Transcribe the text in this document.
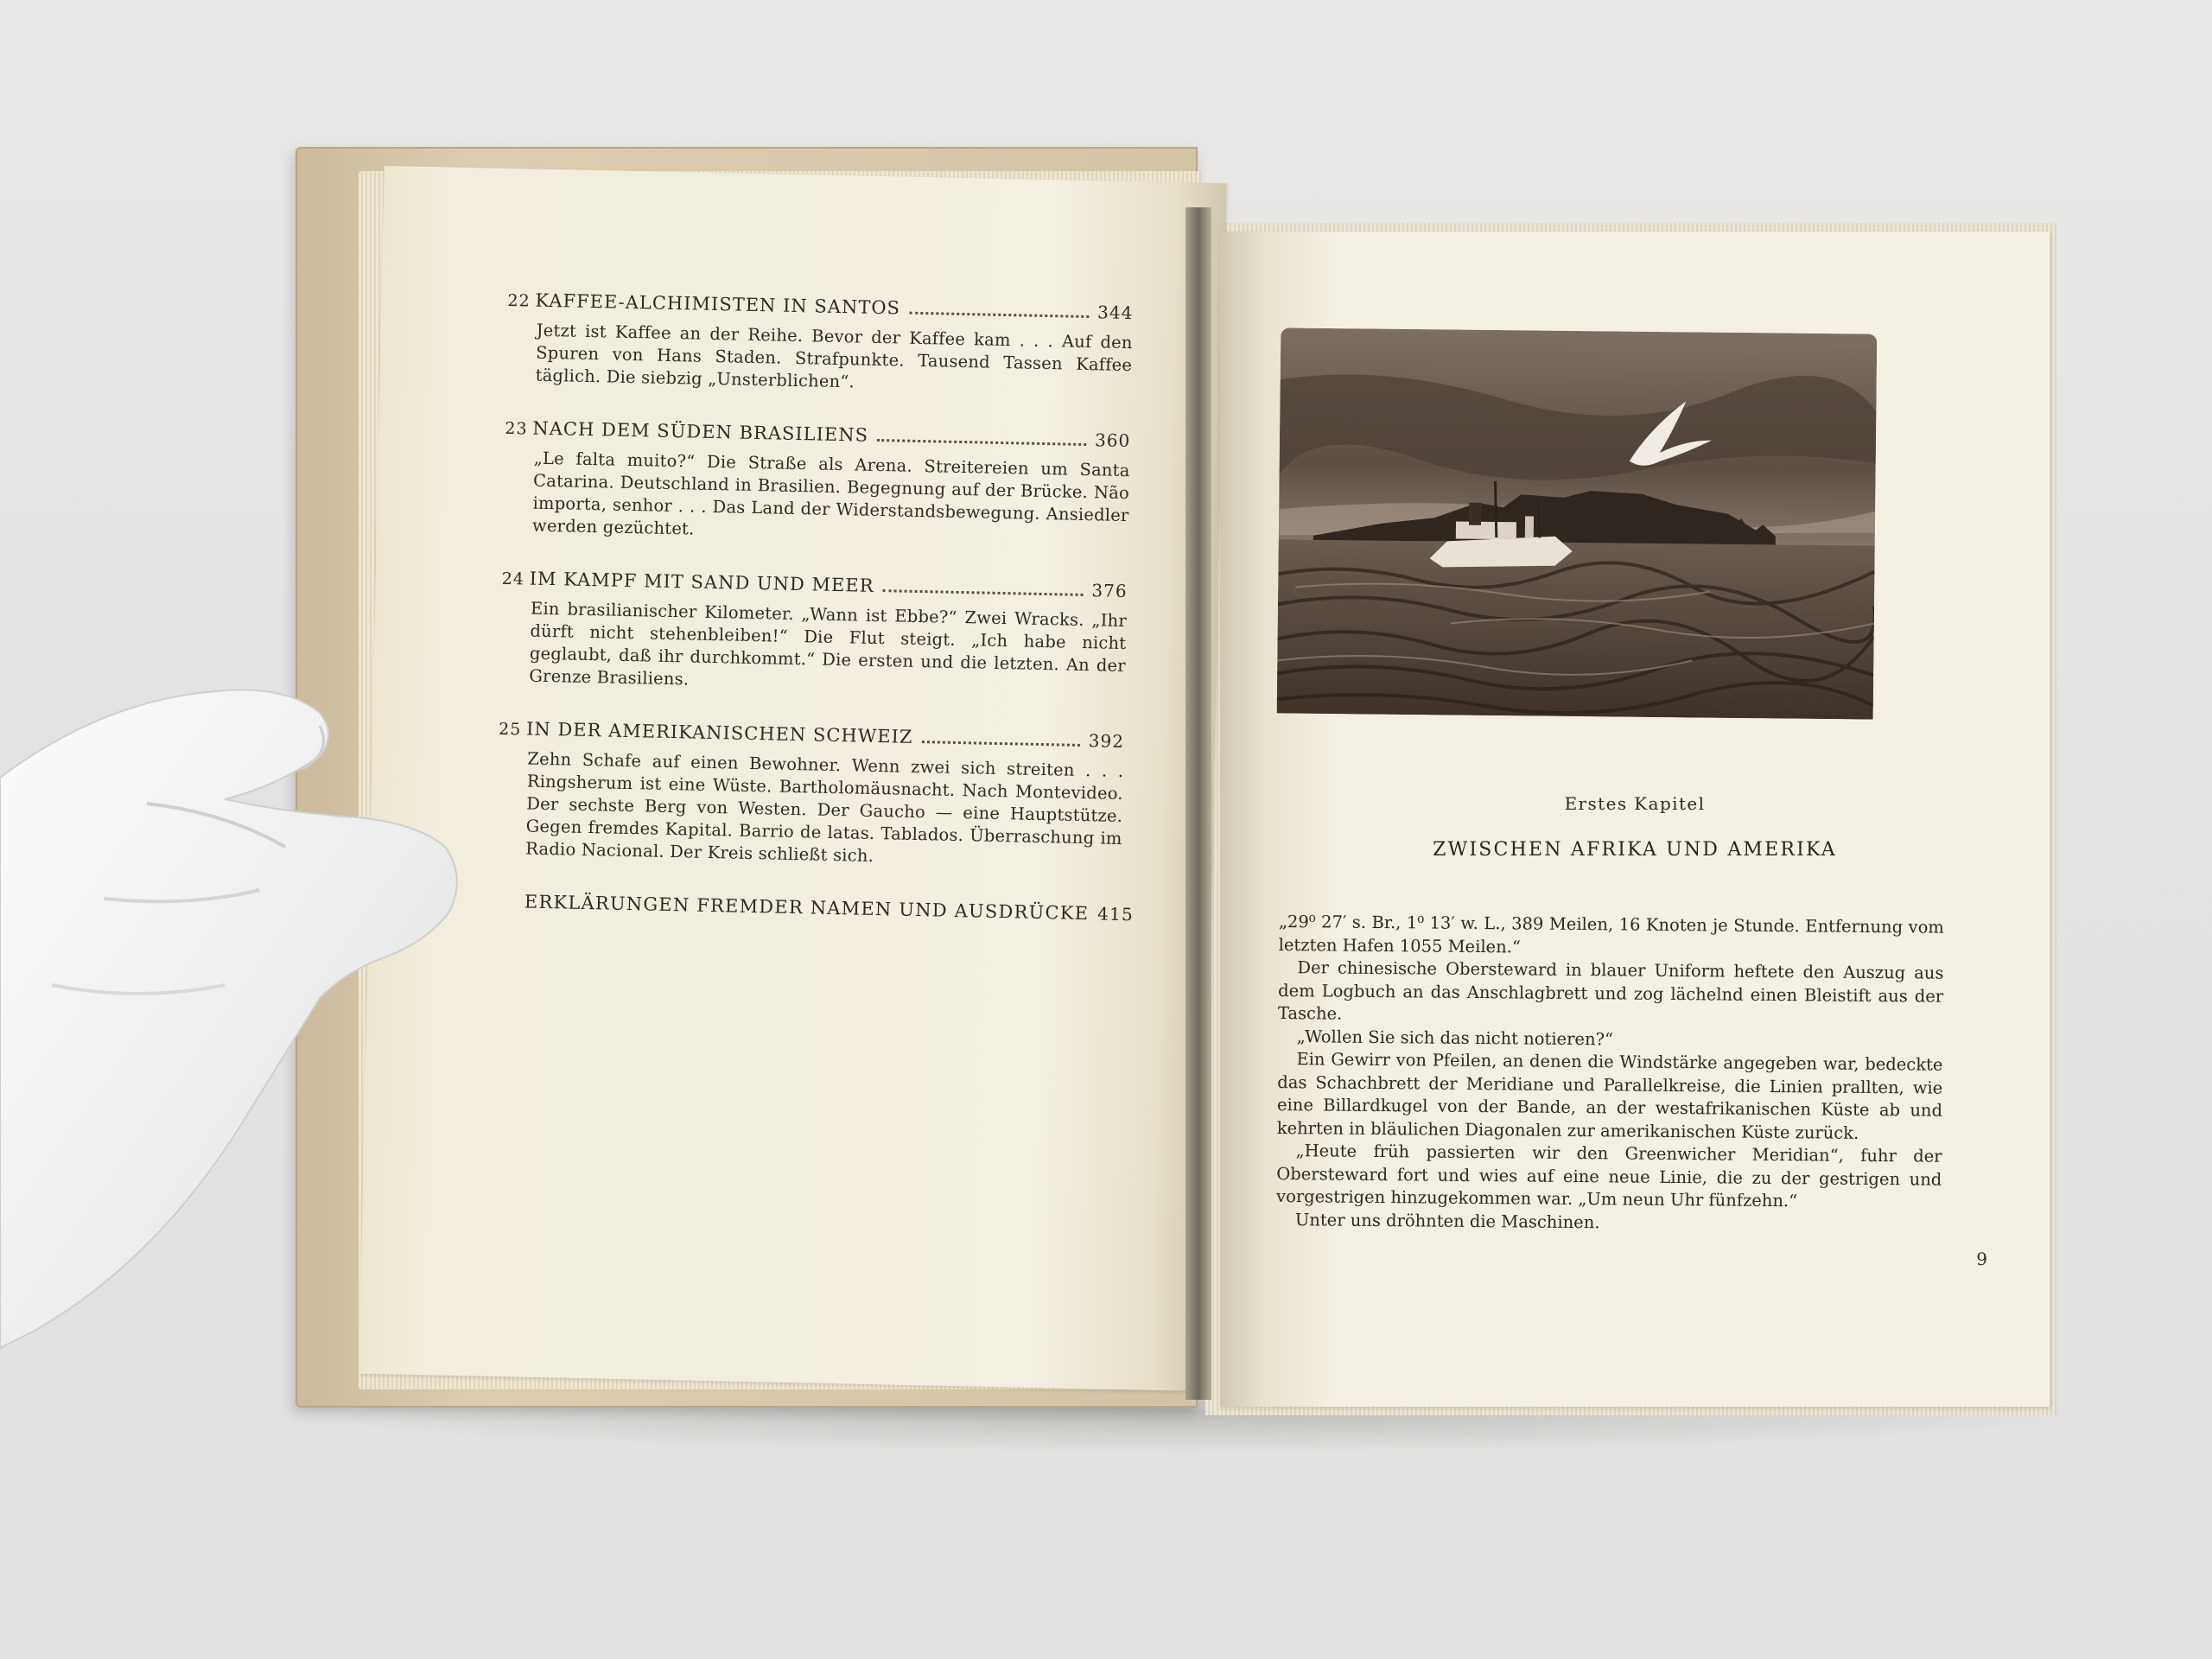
22 KAFFEE-ALCHIMISTEN IN SANTOS	344
Jetzt ist Kaffee an der Reihe. Bevor der Kaffee kam . . . Auf den Spuren von Hans Staden. Strafpunkte. Tausend Tassen Kaffee täglich. Die siebzig „Unsterblichen“.
23 NACH DEM SÜDEN BRASILIENS	360
„Le falta muito?“ Die Straße als Arena. Streitereien um Santa Catarina. Deutschland in Brasilien. Begegnung auf der Brücke. Não importa, senhor . . . Das Land der Widerstandsbewegung. Ansiedler werden gezüchtet.
24 IM KAMPF MIT SAND UND MEER	376
Ein brasilianischer Kilometer. „Wann ist Ebbe?“ Zwei Wracks. „Ihr dürft nicht stehenbleiben!“ Die Flut steigt. „Ich habe nicht geglaubt, daß ihr durchkommt.“ Die ersten und die letzten. An der Grenze Brasiliens.
25 IN DER AMERIKANISCHEN SCHWEIZ	392
Zehn Schafe auf einen Bewohner. Wenn zwei sich streiten . . . Ringsherum ist eine Wüste. Bartholomäusnacht. Nach Montevideo. Der sechste Berg von Westen. Der Gaucho — eine Hauptstütze. Gegen fremdes Kapital. Barrio de latas. Tablados. Überraschung im Radio Nacional. Der Kreis schließt sich.
ERKLÄRUNGEN FREMDER NAMEN UND AUSDRÜCKE 415
Erstes Kapitel
ZWISCHEN AFRIKA UND AMERIKA

„29⁰ 27′ s. Br., 1⁰ 13′ w. L., 389 Meilen, 16 Knoten je Stunde. Entfernung vom letzten Hafen 1055 Meilen.“

Der chinesische Obersteward in blauer Uniform heftete den Auszug aus dem Logbuch an das Anschlagbrett und zog lächelnd einen Bleistift aus der Tasche.

„Wollen Sie sich das nicht notieren?“

Ein Gewirr von Pfeilen, an denen die Windstärke angegeben war, bedeckte das Schachbrett der Meridiane und Parallelkreise, die Linien prallten, wie eine Billardkugel von der Bande, an der westafrikanischen Küste ab und kehrten in bläulichen Diagonalen zur amerikanischen Küste zurück.

„Heute früh passierten wir den Greenwicher Meridian“, fuhr der Obersteward fort und wies auf eine neue Linie, die zu der gestrigen und vorgestrigen hinzugekommen war. „Um neun Uhr fünfzehn.“

Unter uns dröhnten die Maschinen.

9
